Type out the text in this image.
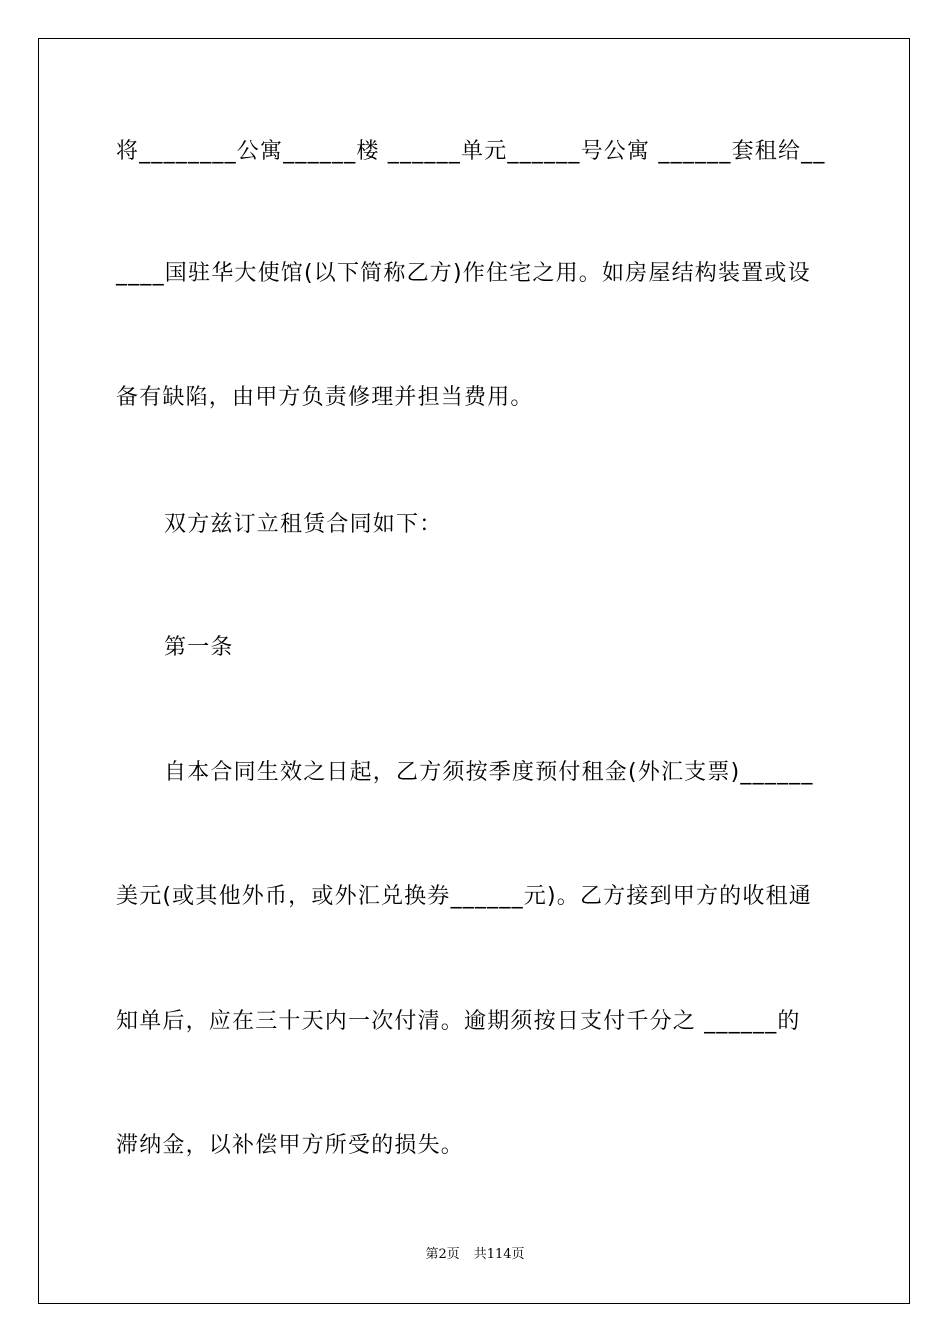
将________公寓______楼 ______单元______号公寓 ______套租给__
____国驻华大使馆(以下简称乙方)作住宅之用。如房屋结构装置或设
备有缺陷，由甲方负责修理并担当费用。
双方兹订立租赁合同如下：
第一条
自本合同生效之日起，乙方须按季度预付租金(外汇支票)______
美元(或其他外币，或外汇兑换券______元)。乙方接到甲方的收租通
知单后，应在三十天内一次付清。逾期须按日支付千分之 ______的
滞纳金，以补偿甲方所受的损失。
第2页 共114页
